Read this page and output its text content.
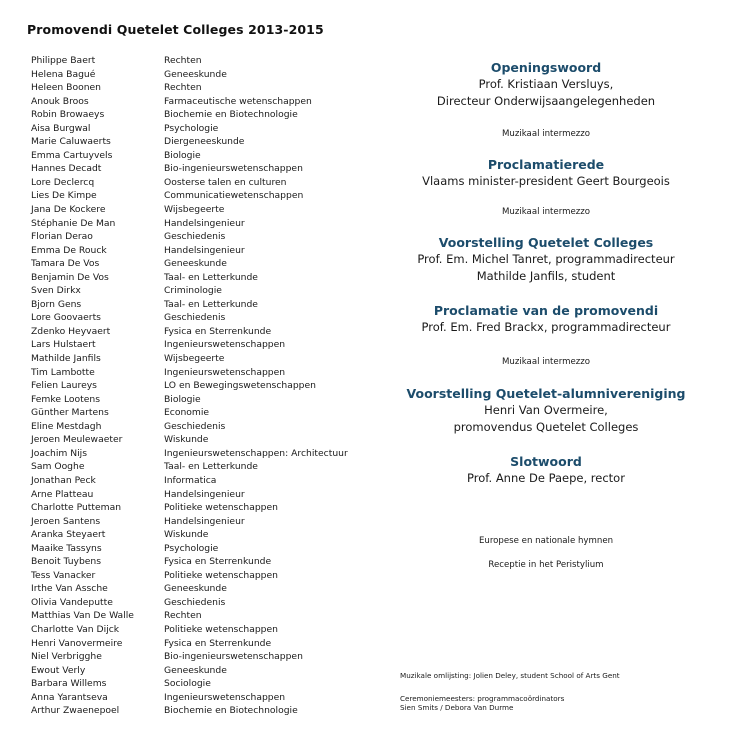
Promovendi Quetelet Colleges 2013-2015
Philippe Baert	Rechten
Helena Bagué	Geneeskunde
Heleen Boonen	Rechten
Anouk Broos	Farmaceutische wetenschappen
Robin Browaeys	Biochemie en Biotechnologie
Aisa Burgwal	Psychologie
Marie Caluwaerts	Diergeneeskunde
Emma Cartuyvels	Biologie
Hannes Decadt	Bio-ingenieurswetenschappen
Lore Declercq	Oosterse talen en culturen
Lies De Kimpe	Communicatiewetenschappen
Jana De Kockere	Wijsbegeerte
Stéphanie De Man	Handelsingenieur
Florian Derao	Geschiedenis
Emma De Rouck	Handelsingenieur
Tamara De Vos	Geneeskunde
Benjamin De Vos	Taal- en Letterkunde
Sven Dirkx	Criminologie
Bjorn Gens	Taal- en Letterkunde
Lore Goovaerts	Geschiedenis
Zdenko Heyvaert	Fysica en Sterrenkunde
Lars Hulstaert	Ingenieurswetenschappen
Mathilde Janfils	Wijsbegeerte
Tim Lambotte	Ingenieurswetenschappen
Felien Laureys	LO en Bewegingswetenschappen
Femke Lootens	Biologie
Günther Martens	Economie
Eline Mestdagh	Geschiedenis
Jeroen Meulewaeter	Wiskunde
Joachim Nijs	Ingenieurswetenschappen: Architectuur
Sam Ooghe	Taal- en Letterkunde
Jonathan Peck	Informatica
Arne Platteau	Handelsingenieur
Charlotte Putteman	Politieke wetenschappen
Jeroen Santens	Handelsingenieur
Aranka Steyaert	Wiskunde
Maaike Tassyns	Psychologie
Benoit Tuybens	Fysica en Sterrenkunde
Tess Vanacker	Politieke wetenschappen
Irthe Van Assche	Geneeskunde
Olivia Vandeputte	Geschiedenis
Matthias Van De Walle	Rechten
Charlotte Van Dijck	Politieke wetenschappen
Henri Vanovermeire	Fysica en Sterrenkunde
Niel Verbrigghe	Bio-ingenieurswetenschappen
Ewout Verly	Geneeskunde
Barbara Willems	Sociologie
Anna Yarantseva	Ingenieurswetenschappen
Arthur Zwaenepoel	Biochemie en Biotechnologie
Openingswoord
Prof. Kristiaan Versluys,
Directeur Onderwijsaangelegenheden
Muzikaal intermezzo
Proclamatierede
Vlaams minister-president Geert Bourgeois
Muzikaal intermezzo
Voorstelling Quetelet Colleges
Prof. Em. Michel Tanret, programmadirecteur
Mathilde Janfils, student
Proclamatie van de promovendi
Prof. Em. Fred Brackx, programmadirecteur
Muzikaal intermezzo
Voorstelling Quetelet-alumnivereniging
Henri Van Overmeire,
promovendus Quetelet Colleges
Slotwoord
Prof. Anne De Paepe, rector
Europese en nationale hymnen
Receptie in het Peristylium
Muzikale omlijsting: Jolien Deley, student School of Arts Gent
Ceremoniemeesters: programmacoördinators
Sien Smits / Debora Van Durme
